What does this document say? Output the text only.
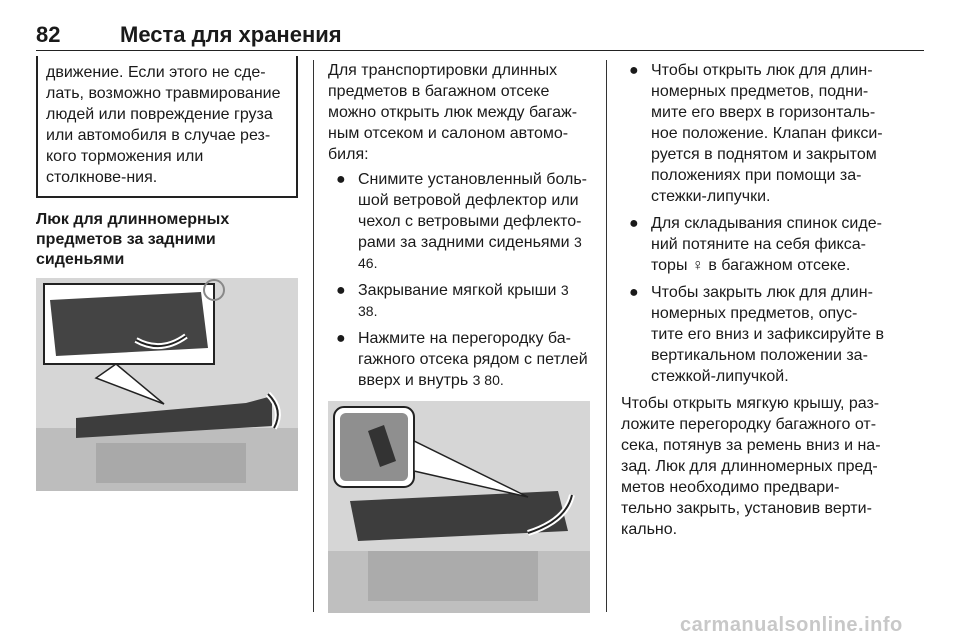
82	Места для хранения

движение. Если этого не сде-лать, возможно травмирование людей или повреждение груза или автомобиля в случае рез-кого торможения или столкнове-ния.

Люк для длинномерных предметов за задними сиденьями

Для транспортировки длинных предметов в багажном отсеке можно открыть люк между багаж-ным отсеком и салоном автомо-биля:

● Снимите установленный боль-шой ветровой дефлектор или чехол с ветровыми дефлекто-рами за задними сиденьями 3 46.
● Закрывание мягкой крыши 3 38.
● Нажмите на перегородку ба-гажного отсека рядом с петлей вверх и внутрь 3 80.
● Чтобы открыть люк для длин-номерных предметов, подни-мите его вверх в горизонталь-ное положение. Клапан фикси-руется в поднятом и закрытом положениях при помощи за-стежки-липучки.
● Для складывания спинок сиде-ний потяните на себя фикса-торы ♀ в багажном отсеке.
● Чтобы закрыть люк для длин-номерных предметов, опус-тите его вниз и зафиксируйте в вертикальном положении за-стежкой-липучкой.

Чтобы открыть мягкую крышу, раз-ложите перегородку багажного от-сека, потянув за ремень вниз и на-зад. Люк для длинномерных пред-метов необходимо предвари-тельно закрыть, установив верти-кально.

carmanualsonline.info
